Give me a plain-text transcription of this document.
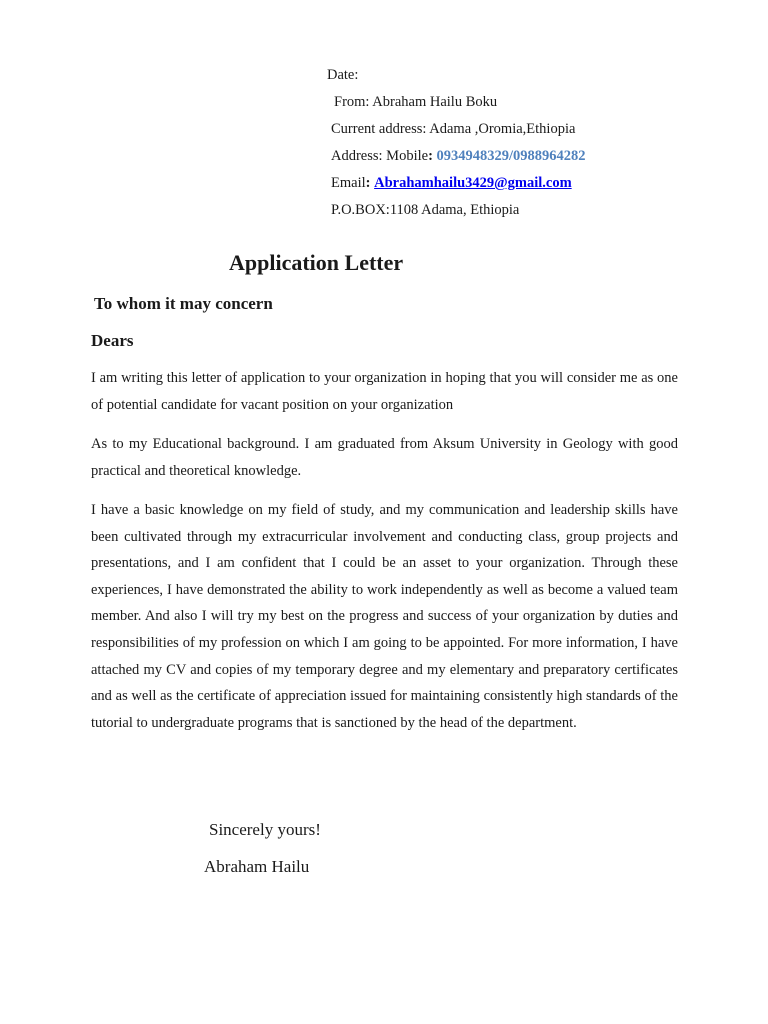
Date:
From: Abraham Hailu Boku
Current address: Adama ,Oromia,Ethiopia
Address: Mobile: 0934948329/0988964282
Email: Abrahamhailu3429@gmail.com
P.O.BOX:1108 Adama, Ethiopia
Application Letter
To whom it may concern
Dears
I am writing this letter of application to your organization in hoping that you will consider me as one of potential candidate for vacant position on your organization
As to my Educational background. I am graduated from Aksum University in Geology with good practical and theoretical knowledge.
I have a basic knowledge on my field of study, and my communication and leadership skills have been cultivated through my extracurricular involvement and conducting class, group projects and presentations, and I am confident that I could be an asset to your organization. Through these experiences, I have demonstrated the ability to work independently as well as become a valued team member. And also I will try my best on the progress and success of your organization by duties and responsibilities of my profession on which I am going to be appointed. For more information, I have attached my CV and copies of my temporary degree and my elementary and preparatory certificates and as well as the certificate of appreciation issued for maintaining consistently high standards of the tutorial to undergraduate programs that is sanctioned by the head of the department.
Sincerely yours!
Abraham Hailu
